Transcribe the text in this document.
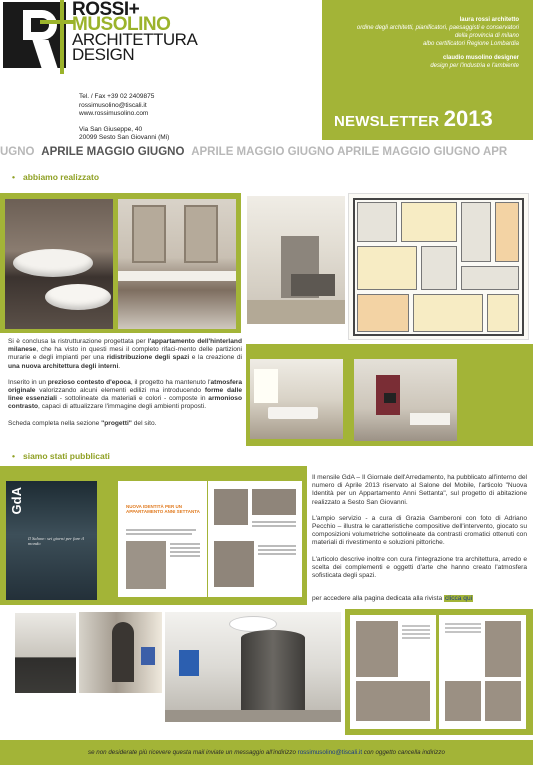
ROSSI+
MUSOLINO
ARCHITETTURA
DESIGN
Tel. / Fax +39 02 2409875
rossimusolino@tiscali.it
www.rossimusolino.com
Via San Giuseppe, 40
20099 Sesto San Giovanni (Mi)
laura rossi architetto
ordine degli architetti, pianificatori, paesaggisti e conservatori
della provincia di milano
albo certificatori Regione Lombardia
claudio musolino designer
design per l'industria e l'ambiente
NEWSLETTER 2013
UGNO APRILE MAGGIO GIUGNO APRILE MAGGIO GIUGNO APRILE MAGGIO GIUGNO APR
• abbiamo realizzato

Si è conclusa la ristrutturazione progettata per l'appartamento dell'hinterland milanese, che ha visto in questi mesi il completo rifaci-mento delle partizioni murarie e degli impianti per una ridistribuzione degli spazi e la creazione di una nuova architettura degli interni.

Inserito in un prezioso contesto d'epoca, il progetto ha mantenuto l'atmosfera originale valorizzando alcuni elementi edilizi ma introducendo forme dalle linee essenziali - sottolineate da materiali e colori - composte in armonioso contrasto, capaci di attualizzare l'immagine degli ambienti proposti.

Scheda completa nella sezione "progetti" del sito.

• siamo stati pubblicati
GdA
Il Salone: sei giorni per fare il mondo
NUOVA IDENTITÀ PER UN APPARTAMENTO ANNI SETTANTA

Il mensile GdA – Il Giornale dell'Arredamento, ha pubblicato all'interno del numero di Aprile 2013 riservato al Salone del Mobile, l'articolo "Nuova Identità per un Appartamento Anni Settanta", sul progetto di abitazione realizzato a Sesto San Giovanni.

L'ampio servizio - a cura di Grazia Gamberoni con foto di Adriano Pecchio – illustra le caratteristiche compositive dell'intervento, giocato su composizioni volumetriche sottolineate da contrasti cromatici ottenuti con materiali di rivestimento e soluzioni pittoriche.

L'articolo descrive inoltre con cura l'integrazione tra architettura, arredo e scelta dei complementi e oggetti d'arte che hanno creato l'atmosfera sofisticata degli spazi.

per accedere alla pagina dedicata alla rivista clicca qui
se non desiderate più ricevere questa mail inviate un messaggio all'indirizzo rossimusolino@tiscali.it con oggetto cancella indirizzo
